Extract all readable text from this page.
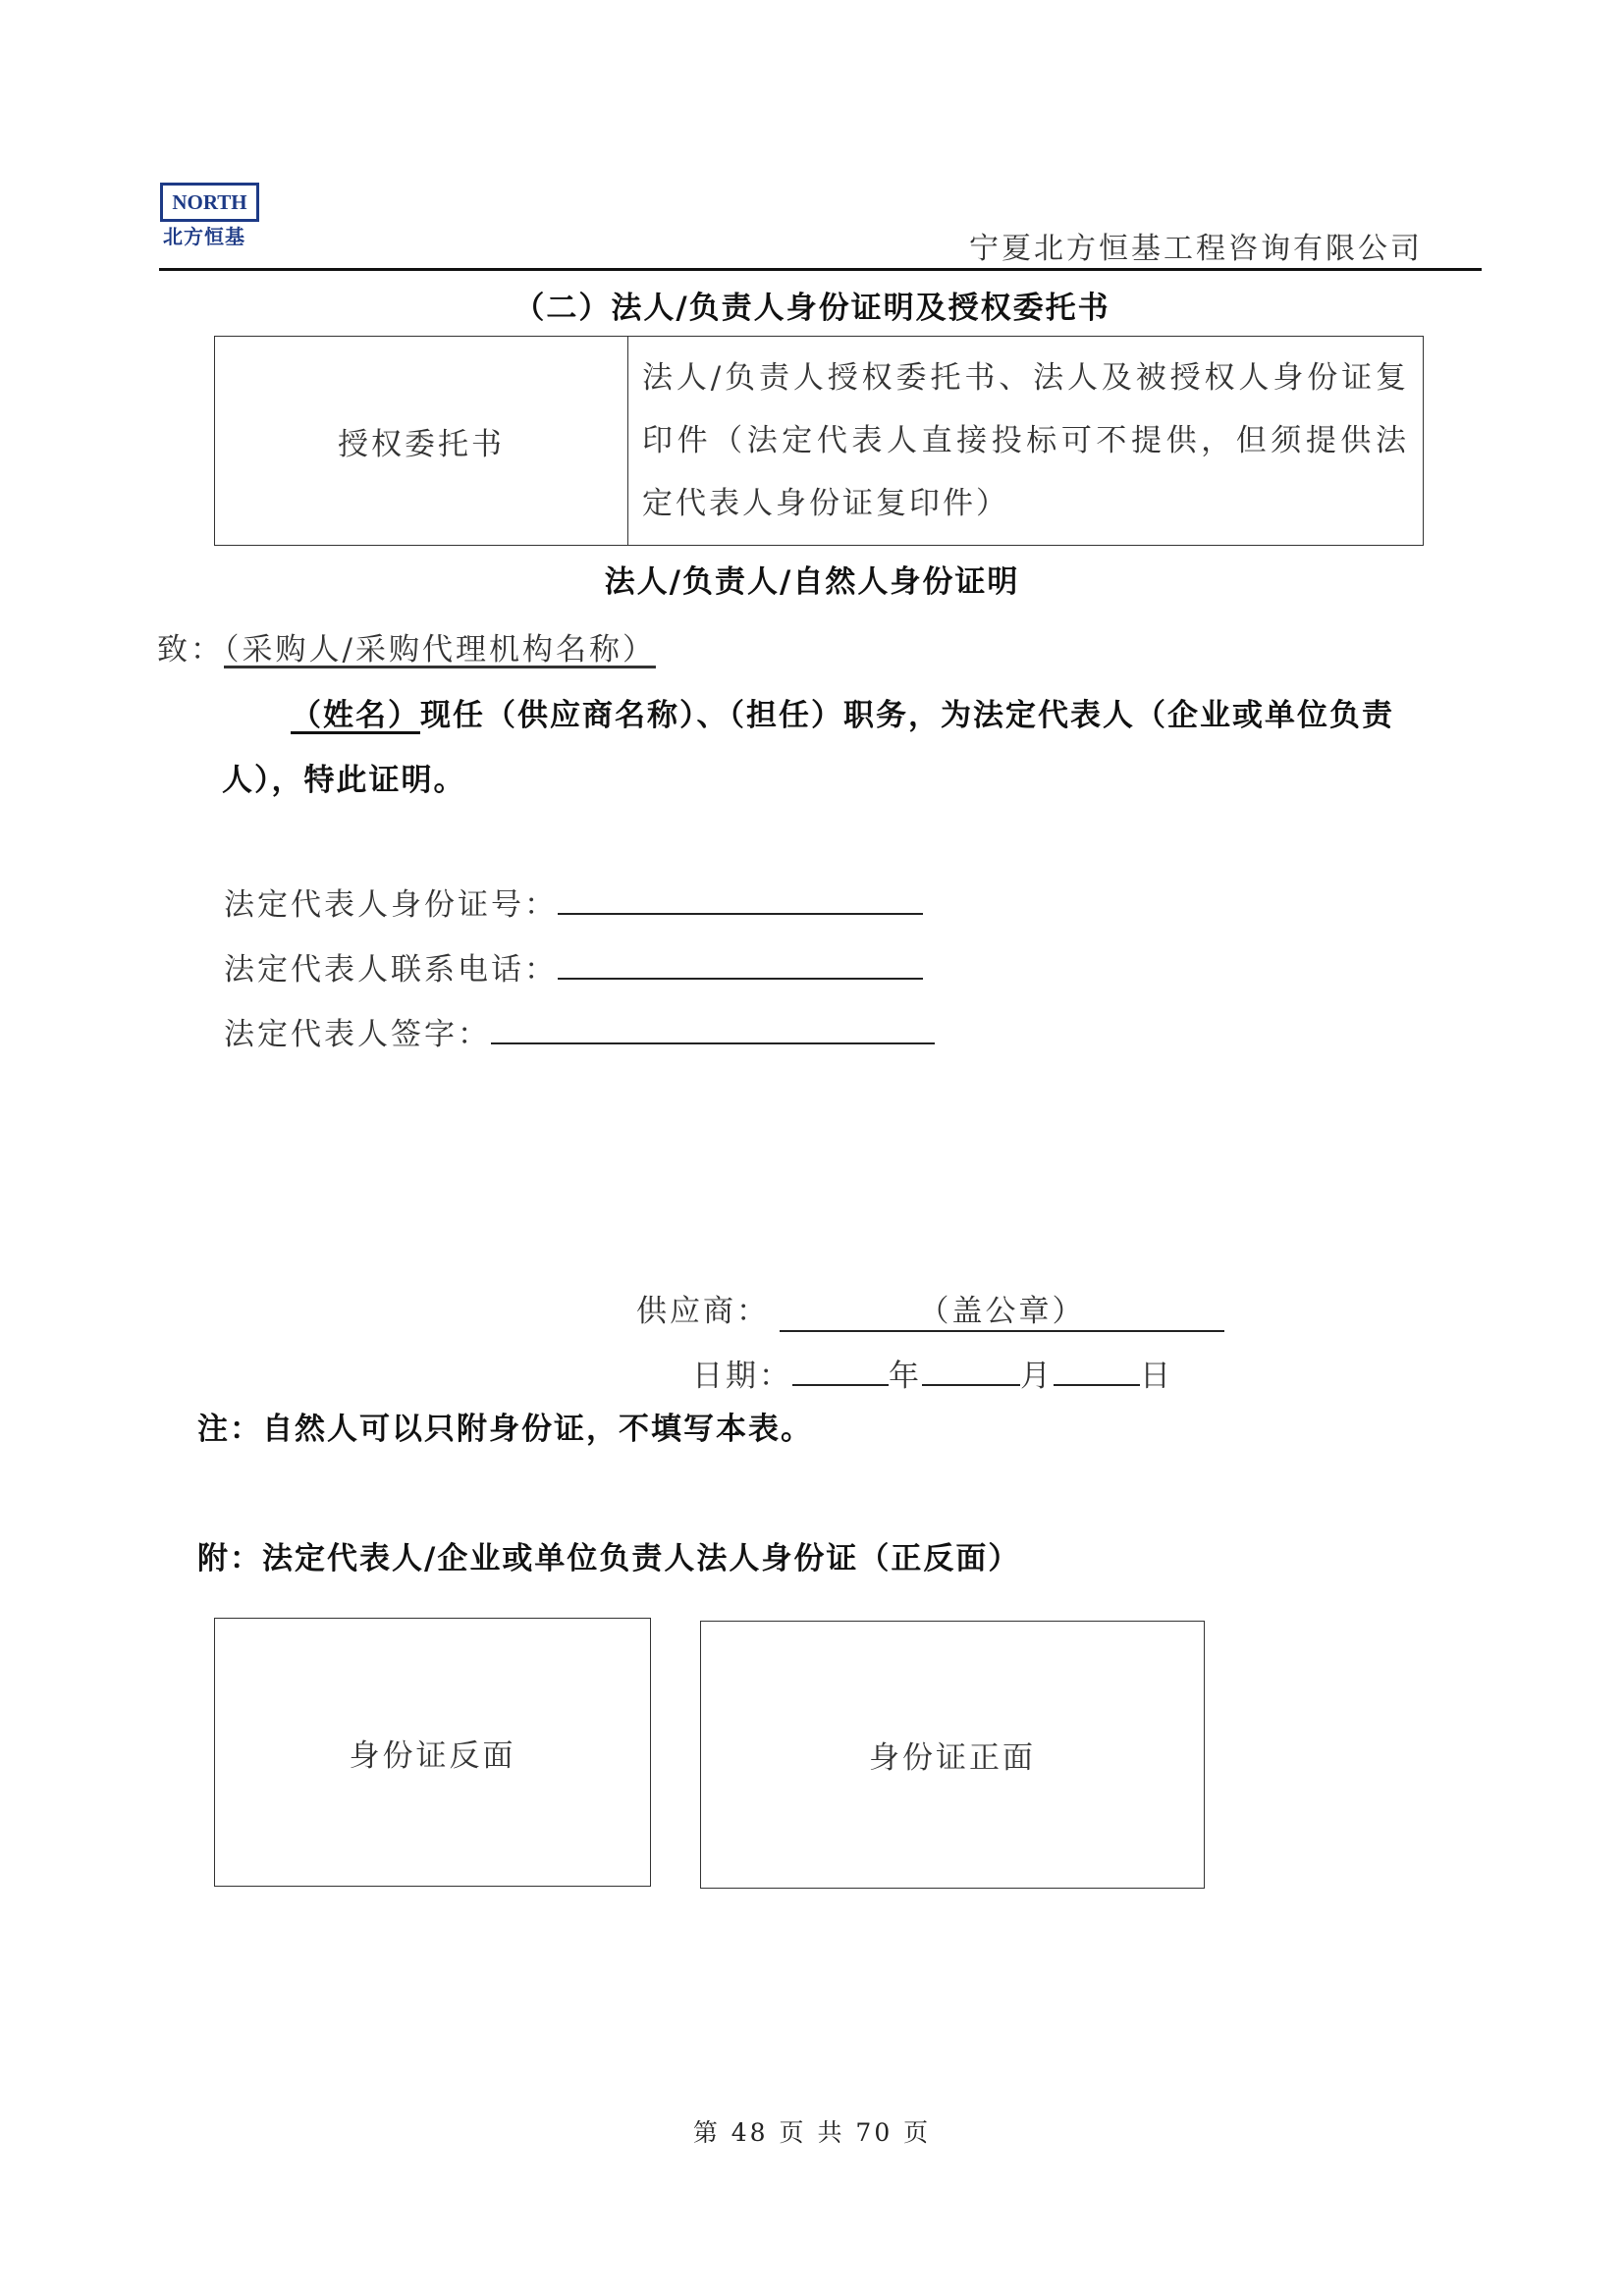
NORTH
北方恒基	宁夏北方恒基工程咨询有限公司
（二）法人/负责人身份证明及授权委托书
授权委托书	法人/负责人授权委托书、法人及被授权人身份证复印件（法定代表人直接投标可不提供，但须提供法定代表人身份证复印件）
法人/负责人/自然人身份证明
致：（采购人/采购代理机构名称）
（姓名）现任（供应商名称）、（担任）职务，为法定代表人（企业或单位负责人），特此证明。
法定代表人身份证号：
法定代表人联系电话：
法定代表人签字：
供应商：	（盖公章）
日期：	年	月	日
注：自然人可以只附身份证，不填写本表。
附：法定代表人/企业或单位负责人法人身份证（正反面）
身份证反面	身份证正面
第 48 页 共 70 页
